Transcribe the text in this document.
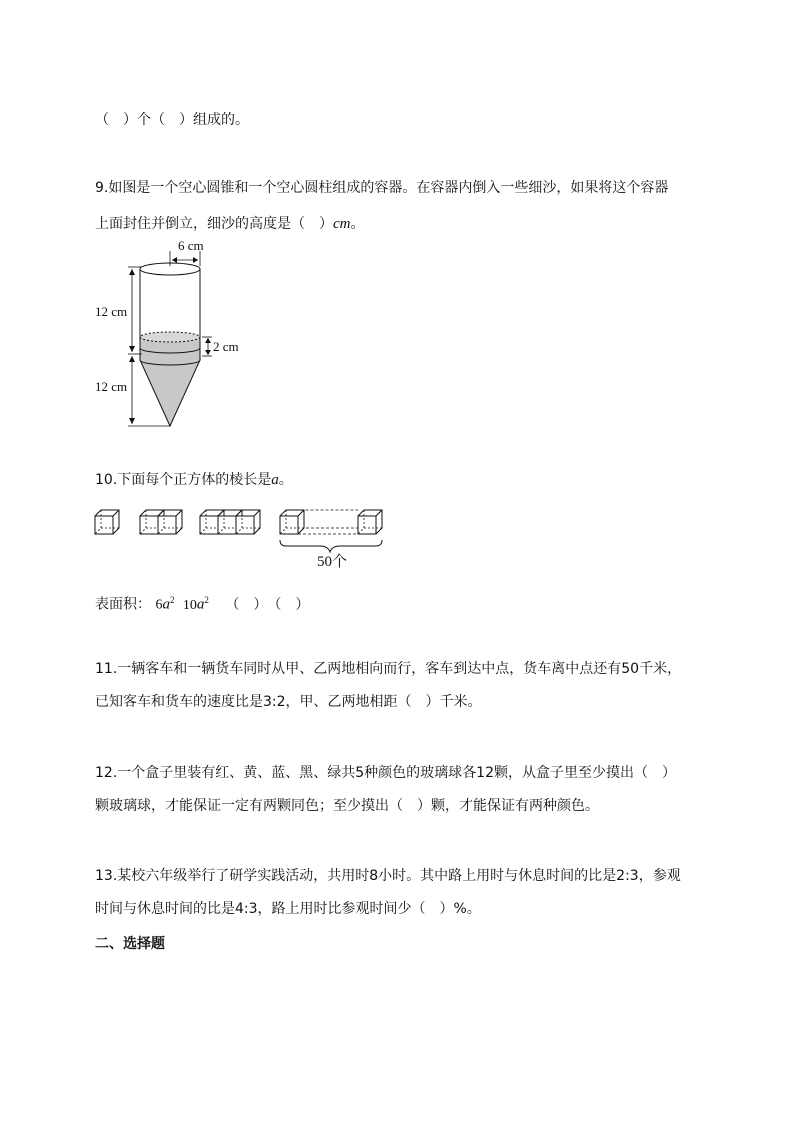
（　）个（　）组成的。
9.如图是一个空心圆锥和一个空心圆柱组成的容器。在容器内倒入一些细沙，如果将这个容器
上面封住并倒立，细沙的高度是（　）cm。
6 cm
12 cm
12 cm
2 cm
10.下面每个正方体的棱长是a。
50个
表面积： $6a^2$ $10a^2$ （　）　（　）
11.一辆客车和一辆货车同时从甲、乙两地相向而行，客车到达中点，货车离中点还有50千米，
已知客车和货车的速度比是3:2，甲、乙两地相距（　）千米。
12.一个盒子里装有红、黄、蓝、黑、绿共5种颜色的玻璃球各12颗，从盒子里至少摸出（　）
颗玻璃球，才能保证一定有两颗同色；至少摸出（　）颗，才能保证有两种颜色。
13.某校六年级举行了研学实践活动，共用时8小时。其中路上用时与休息时间的比是2:3，参观
时间与休息时间的比是4:3，路上用时比参观时间少（　）%。
二、选择题
